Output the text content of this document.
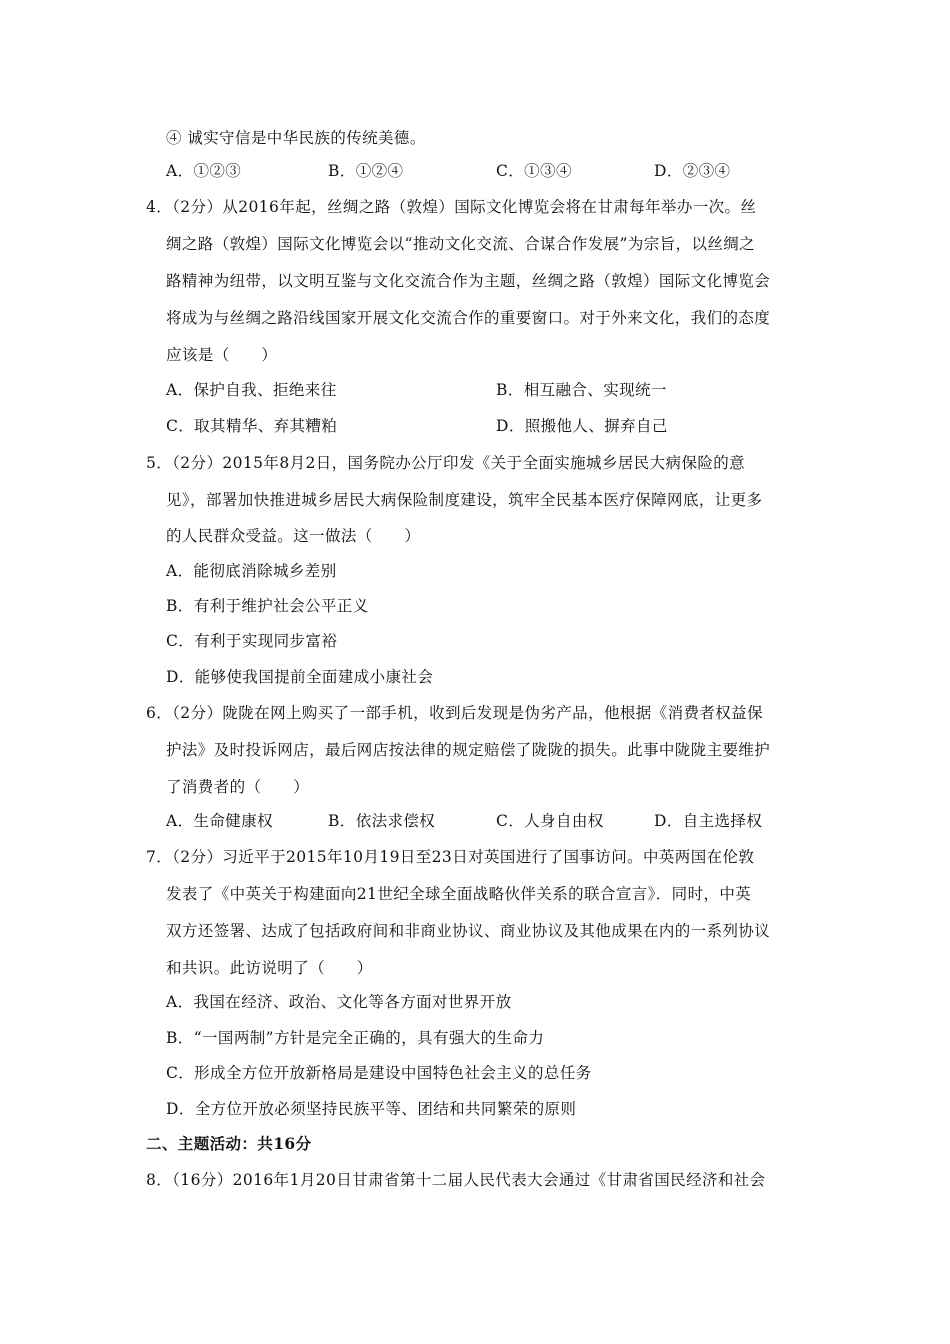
④ 诚实守信是中华民族的传统美德。
A．①②③	B．①②④	C．①③④	D．②③④
4．（2分）从2016年起，丝绸之路（敦煌）国际文化博览会将在甘肃每年举办一次。丝
绸之路（敦煌）国际文化博览会以“推动文化交流、合谋合作发展”为宗旨，以丝绸之
路精神为纽带，以文明互鉴与文化交流合作为主题，丝绸之路（敦煌）国际文化博览会
将成为与丝绸之路沿线国家开展文化交流合作的重要窗口。对于外来文化，我们的态度
应该是（　　）
A．保护自我、拒绝来往	B．相互融合、实现统一
C．取其精华、弃其糟粕	D．照搬他人、摒弃自己
5．（2分）2015年8月2日，国务院办公厅印发《关于全面实施城乡居民大病保险的意
见》，部署加快推进城乡居民大病保险制度建设，筑牢全民基本医疗保障网底，让更多
的人民群众受益。这一做法（　　）
A．能彻底消除城乡差别
B．有利于维护社会公平正义
C．有利于实现同步富裕
D．能够使我国提前全面建成小康社会
6．（2分）陇陇在网上购买了一部手机，收到后发现是伪劣产品，他根据《消费者权益保
护法》及时投诉网店，最后网店按法律的规定赔偿了陇陇的损失。此事中陇陇主要维护
了消费者的（　　）
A．生命健康权	B．依法求偿权	C．人身自由权	D．自主选择权
7．（2分）习近平于2015年10月19日至23日对英国进行了国事访问。中英两国在伦敦
发表了《中英关于构建面向21世纪全球全面战略伙伴关系的联合宣言》．同时，中英
双方还签署、达成了包括政府间和非商业协议、商业协议及其他成果在内的一系列协议
和共识。此访说明了（　　）
A．我国在经济、政治、文化等各方面对世界开放
B．“一国两制”方针是完全正确的，具有强大的生命力
C．形成全方位开放新格局是建设中国特色社会主义的总任务
D．全方位开放必须坚持民族平等、团结和共同繁荣的原则
二、主题活动：共16分
8．（16分）2016年1月20日甘肃省第十二届人民代表大会通过《甘肃省国民经济和社会
